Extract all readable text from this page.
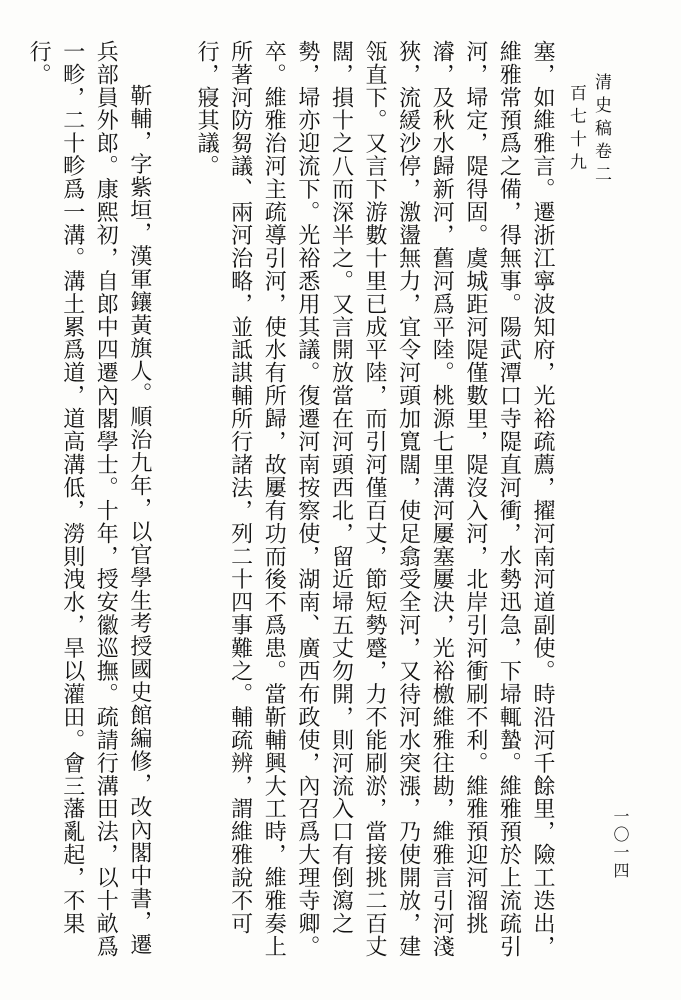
清史稿卷二百七十九
一〇一四

塞，如維雅言。遷浙江寧波知府，光裕疏薦，擢河南河道副使。時沿河千餘里，險工迭出，維雅常預爲之備，得無事。陽武潭口寺隄直河衝，水勢迅急，下埽輒蟄。維雅預於上流疏引河，埽定，隄得固。虞城距河隄僅數里，隄沒入河，北岸引河衝刷不利。維雅預迎河溜挑濬，及秋水歸新河，舊河爲平陸。桃源七里溝河屢塞屢決，光裕檄維雅往勘，維雅言引河淺狹，流緩沙停，激盪無力，宜令河頭加寬闊，使足翕受全河，又待河水突漲，乃使開放，建瓴直下。又言下游數十里已成平陸，而引河僅百丈，節短勢蹙，力不能刷淤，當接挑二百丈闊，損十之八而深半之。又言開放當在河頭西北，留近埽五丈勿開，則河流入口有倒瀉之勢，埽亦迎流下。光裕悉用其議。復遷河南按察使，湖南、廣西布政使，內召爲大理寺卿。卒。維雅治河主疏導引河，使水有所歸，故屢有功而後不爲患。當靳輔興大工時，維雅奏上所著河防芻議、兩河治略，並詆諆輔所行諸法，列二十四事難之。輔疏辨，謂維雅說不可行，寢其議。

靳輔，字紫垣，漢軍鑲黃旗人。順治九年，以官學生考授國史館編修，改內閣中書，遷兵部員外郎。康熙初，自郎中四遷內閣學士。十年，授安徽巡撫。疏請行溝田法，以十畝爲一畛，二十畛爲一溝。溝土累爲道，道高溝低，澇則洩水，旱以灌田。會三藩亂起，不果行。
